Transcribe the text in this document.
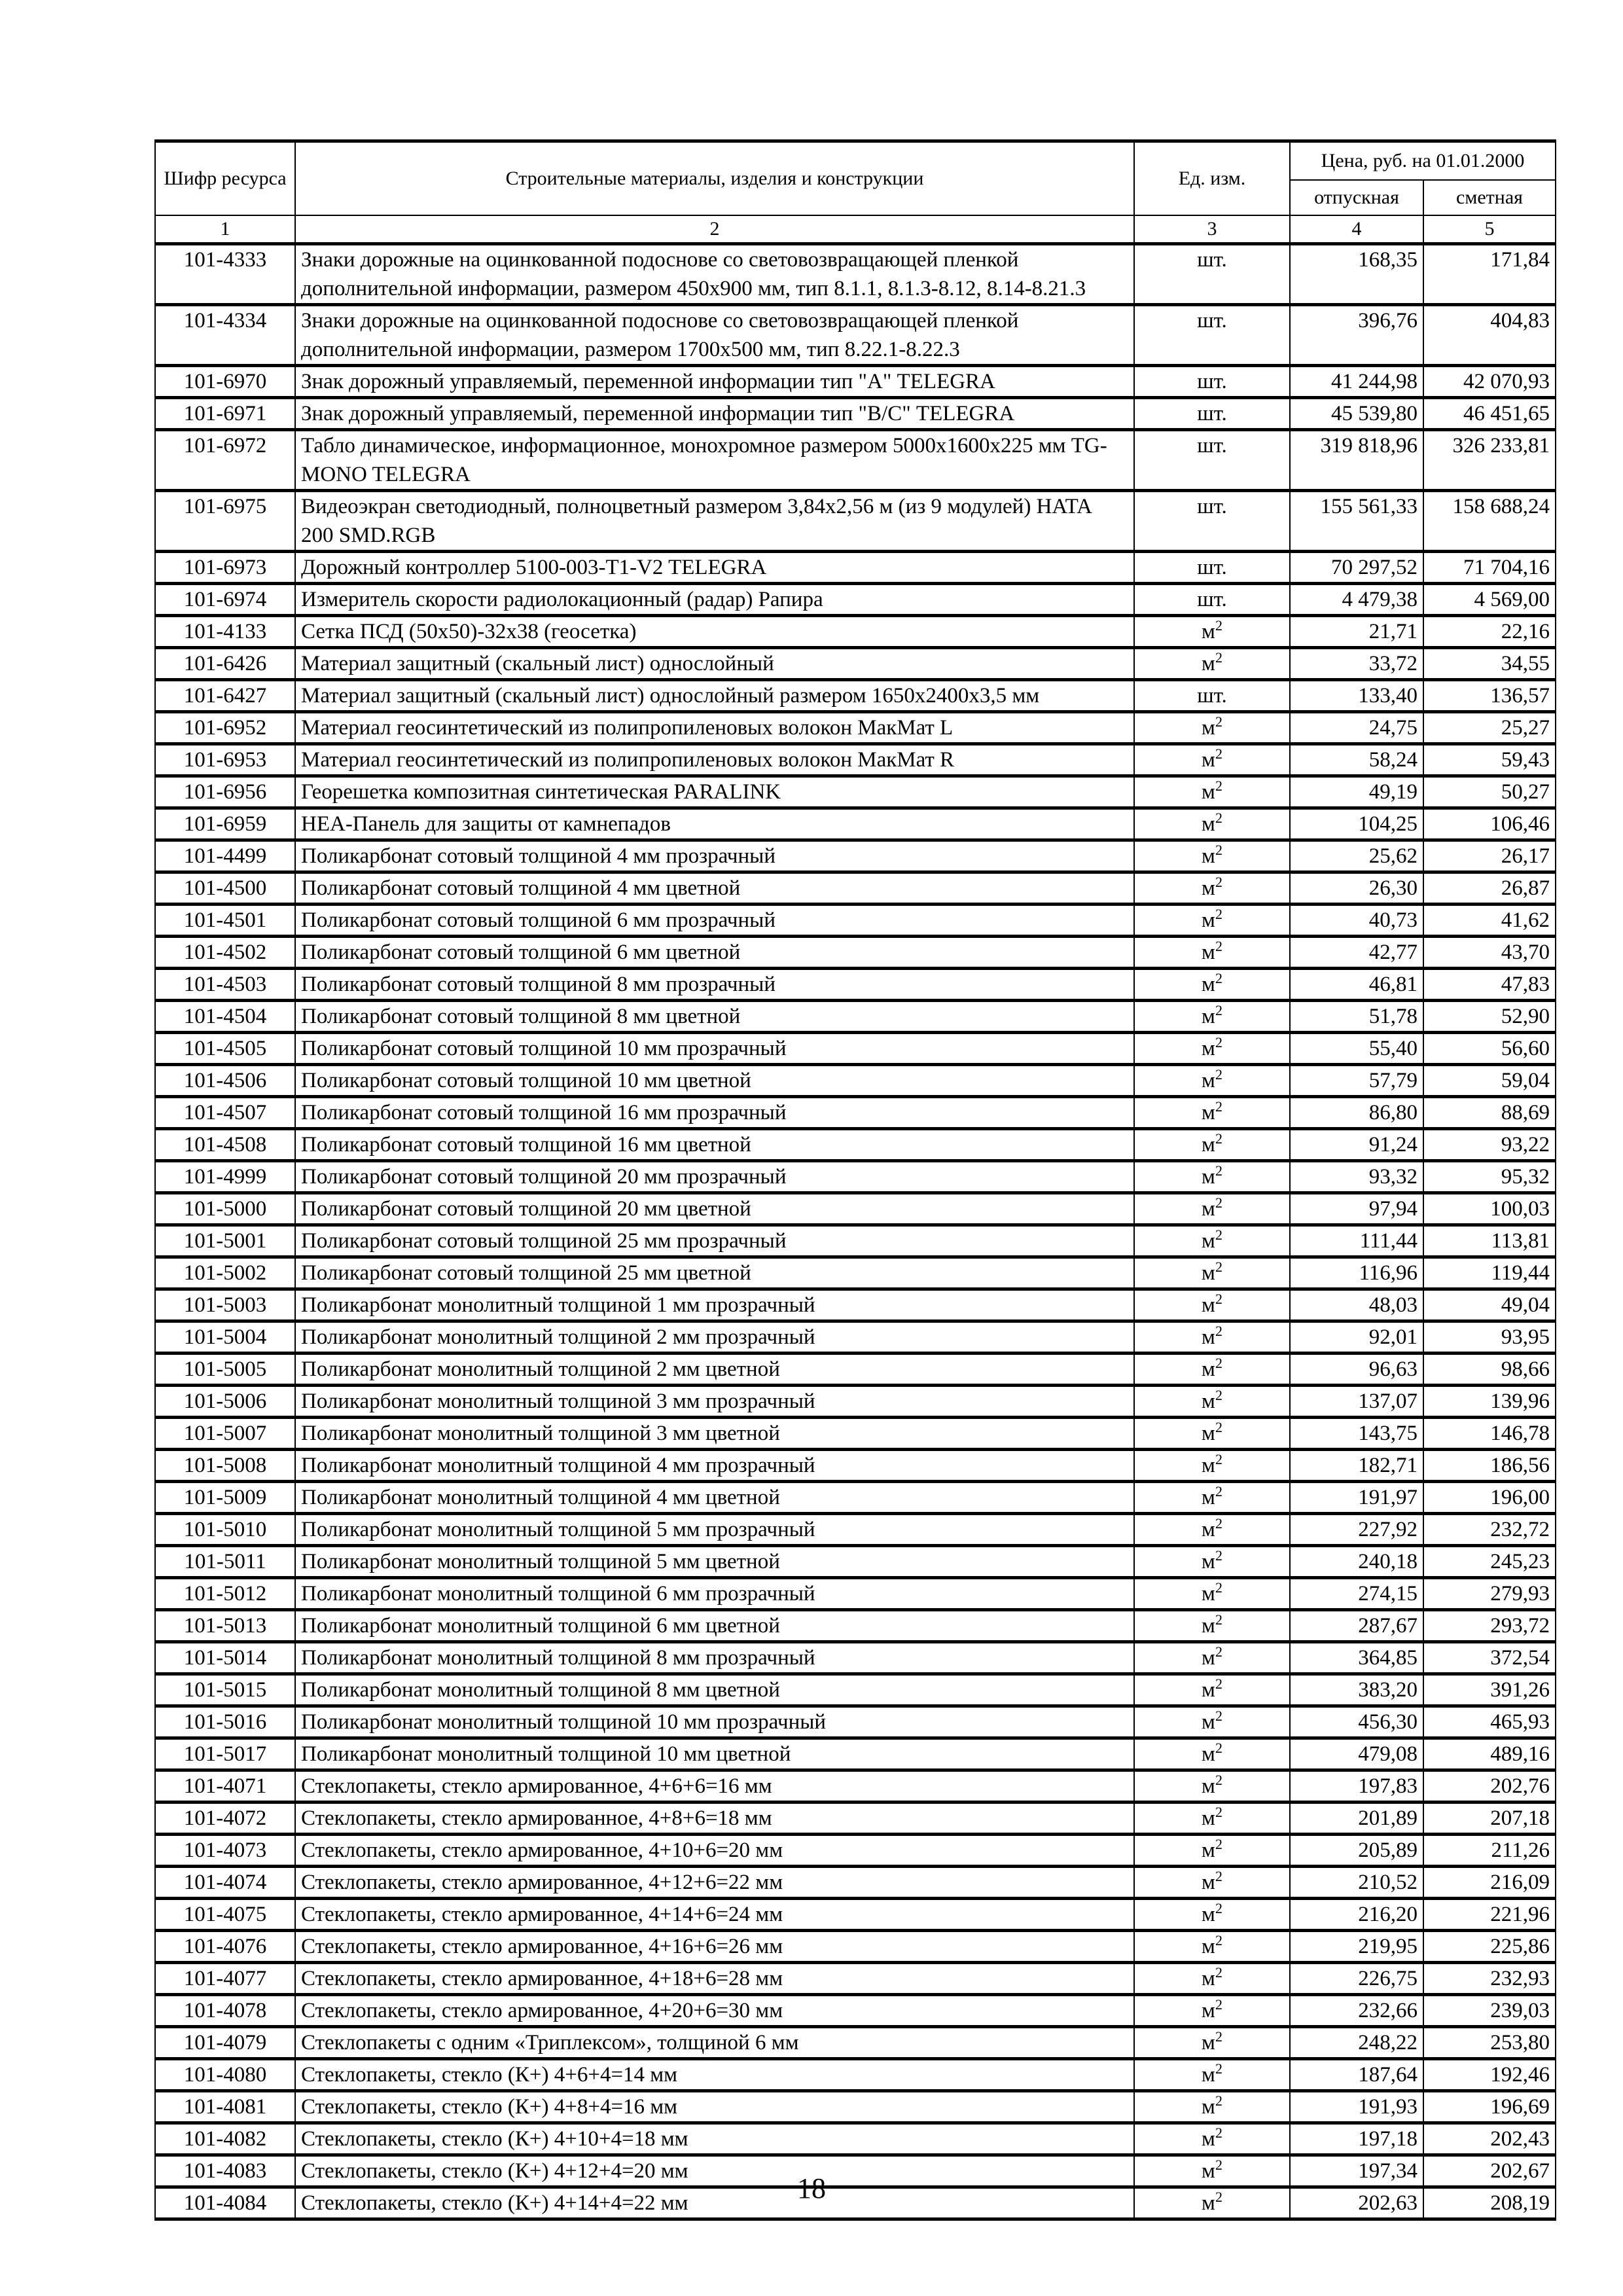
Шифр ресурса	Строительные материалы, изделия и конструкции	Ед. изм.	Цена, руб. на 01.01.2000	
			отпускная	сметная
1	2	3	4	5
101-4333	Знаки дорожные на оцинкованной подоснове со световозвращающей пленкой дополнительной информации, размером 450х900 мм, тип 8.1.1, 8.1.3-8.12, 8.14-8.21.3	шт.	168,35	171,84
101-4334	Знаки дорожные на оцинкованной подоснове со световозвращающей пленкой дополнительной информации, размером 1700х500 мм, тип 8.22.1-8.22.3	шт.	396,76	404,83
101-6970	Знак дорожный управляемый, переменной информации тип "А" TELEGRA	шт.	41 244,98	42 070,93
101-6971	Знак дорожный управляемый, переменной информации тип "В/С" TELEGRA	шт.	45 539,80	46 451,65
101-6972	Табло динамическое, информационное, монохромное размером 5000х1600х225 мм TG-MONO TELEGRA	шт.	319 818,96	326 233,81
101-6975	Видеоэкран светодиодный, полноцветный размером 3,84х2,56 м (из 9 модулей) HATA 200 SMD.RGB	шт.	155 561,33	158 688,24
101-6973	Дорожный контроллер 5100-003-T1-V2 TELEGRA	шт.	70 297,52	71 704,16
101-6974	Измеритель скорости радиолокационный (радар) Рапира	шт.	4 479,38	4 569,00
101-4133	Сетка ПСД (50х50)-32х38 (геосетка)	$м^2$	21,71	22,16
101-6426	Материал защитный (скальный лист) однослойный	$м^2$	33,72	34,55
101-6427	Материал защитный (скальный лист) однослойный размером 1650х2400х3,5 мм	шт.	133,40	136,57
101-6952	Материал геосинтетический из полипропиленовых волокон МакМат L	$м^2$	24,75	25,27
101-6953	Материал геосинтетический из полипропиленовых волокон МакМат R	$м^2$	58,24	59,43
101-6956	Георешетка композитная синтетическая PARALINK	$м^2$	49,19	50,27
101-6959	НЕА-Панель для защиты от камнепадов	$м^2$	104,25	106,46
101-4499	Поликарбонат сотовый толщиной 4 мм прозрачный	$м^2$	25,62	26,17
101-4500	Поликарбонат сотовый толщиной 4 мм цветной	$м^2$	26,30	26,87
101-4501	Поликарбонат сотовый толщиной 6 мм прозрачный	$м^2$	40,73	41,62
101-4502	Поликарбонат сотовый толщиной 6 мм цветной	$м^2$	42,77	43,70
101-4503	Поликарбонат сотовый толщиной 8 мм прозрачный	$м^2$	46,81	47,83
101-4504	Поликарбонат сотовый толщиной 8 мм цветной	$м^2$	51,78	52,90
101-4505	Поликарбонат сотовый толщиной 10 мм прозрачный	$м^2$	55,40	56,60
101-4506	Поликарбонат сотовый толщиной 10 мм цветной	$м^2$	57,79	59,04
101-4507	Поликарбонат сотовый толщиной 16 мм прозрачный	$м^2$	86,80	88,69
101-4508	Поликарбонат сотовый толщиной 16 мм цветной	$м^2$	91,24	93,22
101-4999	Поликарбонат сотовый толщиной 20 мм прозрачный	$м^2$	93,32	95,32
101-5000	Поликарбонат сотовый толщиной 20 мм цветной	$м^2$	97,94	100,03
101-5001	Поликарбонат сотовый толщиной 25 мм прозрачный	$м^2$	111,44	113,81
101-5002	Поликарбонат сотовый толщиной 25 мм цветной	$м^2$	116,96	119,44
101-5003	Поликарбонат монолитный толщиной 1 мм прозрачный	$м^2$	48,03	49,04
101-5004	Поликарбонат монолитный толщиной 2 мм прозрачный	$м^2$	92,01	93,95
101-5005	Поликарбонат монолитный толщиной 2 мм цветной	$м^2$	96,63	98,66
101-5006	Поликарбонат монолитный толщиной 3 мм прозрачный	$м^2$	137,07	139,96
101-5007	Поликарбонат монолитный толщиной 3 мм цветной	$м^2$	143,75	146,78
101-5008	Поликарбонат монолитный толщиной 4 мм прозрачный	$м^2$	182,71	186,56
101-5009	Поликарбонат монолитный толщиной 4 мм цветной	$м^2$	191,97	196,00
101-5010	Поликарбонат монолитный толщиной 5 мм прозрачный	$м^2$	227,92	232,72
101-5011	Поликарбонат монолитный толщиной 5 мм цветной	$м^2$	240,18	245,23
101-5012	Поликарбонат монолитный толщиной 6 мм прозрачный	$м^2$	274,15	279,93
101-5013	Поликарбонат монолитный толщиной 6 мм цветной	$м^2$	287,67	293,72
101-5014	Поликарбонат монолитный толщиной 8 мм прозрачный	$м^2$	364,85	372,54
101-5015	Поликарбонат монолитный толщиной 8 мм цветной	$м^2$	383,20	391,26
101-5016	Поликарбонат монолитный толщиной 10 мм прозрачный	$м^2$	456,30	465,93
101-5017	Поликарбонат монолитный толщиной 10 мм цветной	$м^2$	479,08	489,16
101-4071	Стеклопакеты, стекло армированное, 4+6+6=16 мм	$м^2$	197,83	202,76
101-4072	Стеклопакеты, стекло армированное, 4+8+6=18 мм	$м^2$	201,89	207,18
101-4073	Стеклопакеты, стекло армированное, 4+10+6=20 мм	$м^2$	205,89	211,26
101-4074	Стеклопакеты, стекло армированное, 4+12+6=22 мм	$м^2$	210,52	216,09
101-4075	Стеклопакеты, стекло армированное, 4+14+6=24 мм	$м^2$	216,20	221,96
101-4076	Стеклопакеты, стекло армированное, 4+16+6=26 мм	$м^2$	219,95	225,86
101-4077	Стеклопакеты, стекло армированное, 4+18+6=28 мм	$м^2$	226,75	232,93
101-4078	Стеклопакеты, стекло армированное, 4+20+6=30 мм	$м^2$	232,66	239,03
101-4079	Стеклопакеты с одним «Триплексом», толщиной 6 мм	$м^2$	248,22	253,80
101-4080	Стеклопакеты, стекло (К+) 4+6+4=14 мм	$м^2$	187,64	192,46
101-4081	Стеклопакеты, стекло (К+) 4+8+4=16 мм	$м^2$	191,93	196,69
101-4082	Стеклопакеты, стекло (К+) 4+10+4=18 мм	$м^2$	197,18	202,43
101-4083	Стеклопакеты, стекло (К+) 4+12+4=20 мм	$м^2$	197,34	202,67
101-4084	Стеклопакеты, стекло (К+) 4+14+4=22 мм	$м^2$	202,63	208,19
18
